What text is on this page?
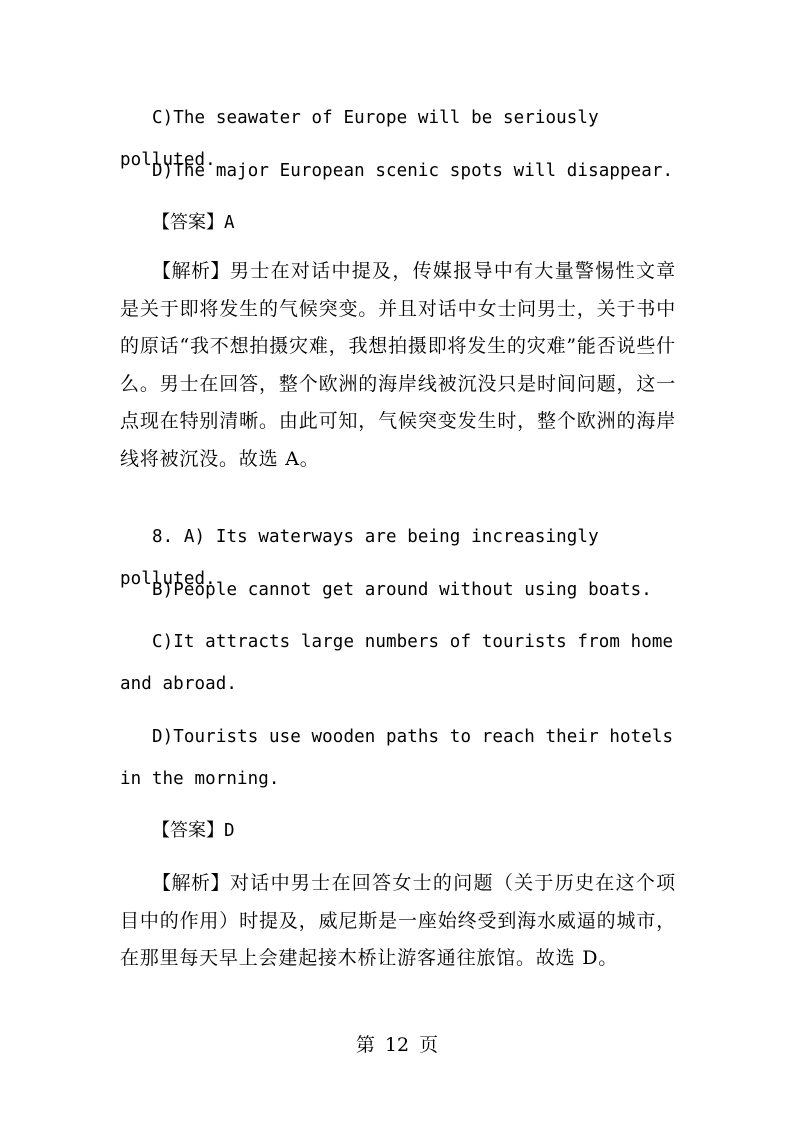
C)The seawater of Europe will be seriously polluted.

D)The major European scenic spots will disappear.

【答案】A

【解析】男士在对话中提及，传媒报导中有大量警惕性文章是关于即将发生的气候突变。并且对话中女士问男士，关于书中的原话“我不想拍摄灾难，我想拍摄即将发生的灾难”能否说些什么。男士在回答，整个欧洲的海岸线被沉没只是时间问题，这一点现在特别清晰。由此可知，气候突变发生时，整个欧洲的海岸线将被沉没。故选 A。

8. A) Its waterways are being increasingly polluted.

B)People cannot get around without using boats.

C)It attracts large numbers of tourists from home and abroad.

D)Tourists use wooden paths to reach their hotels in the morning.

【答案】D

【解析】对话中男士在回答女士的问题（关于历史在这个项目中的作用）时提及，威尼斯是一座始终受到海水威逼的城市，在那里每天早上会建起接木桥让游客通往旅馆。故选 D。

第 12 页
